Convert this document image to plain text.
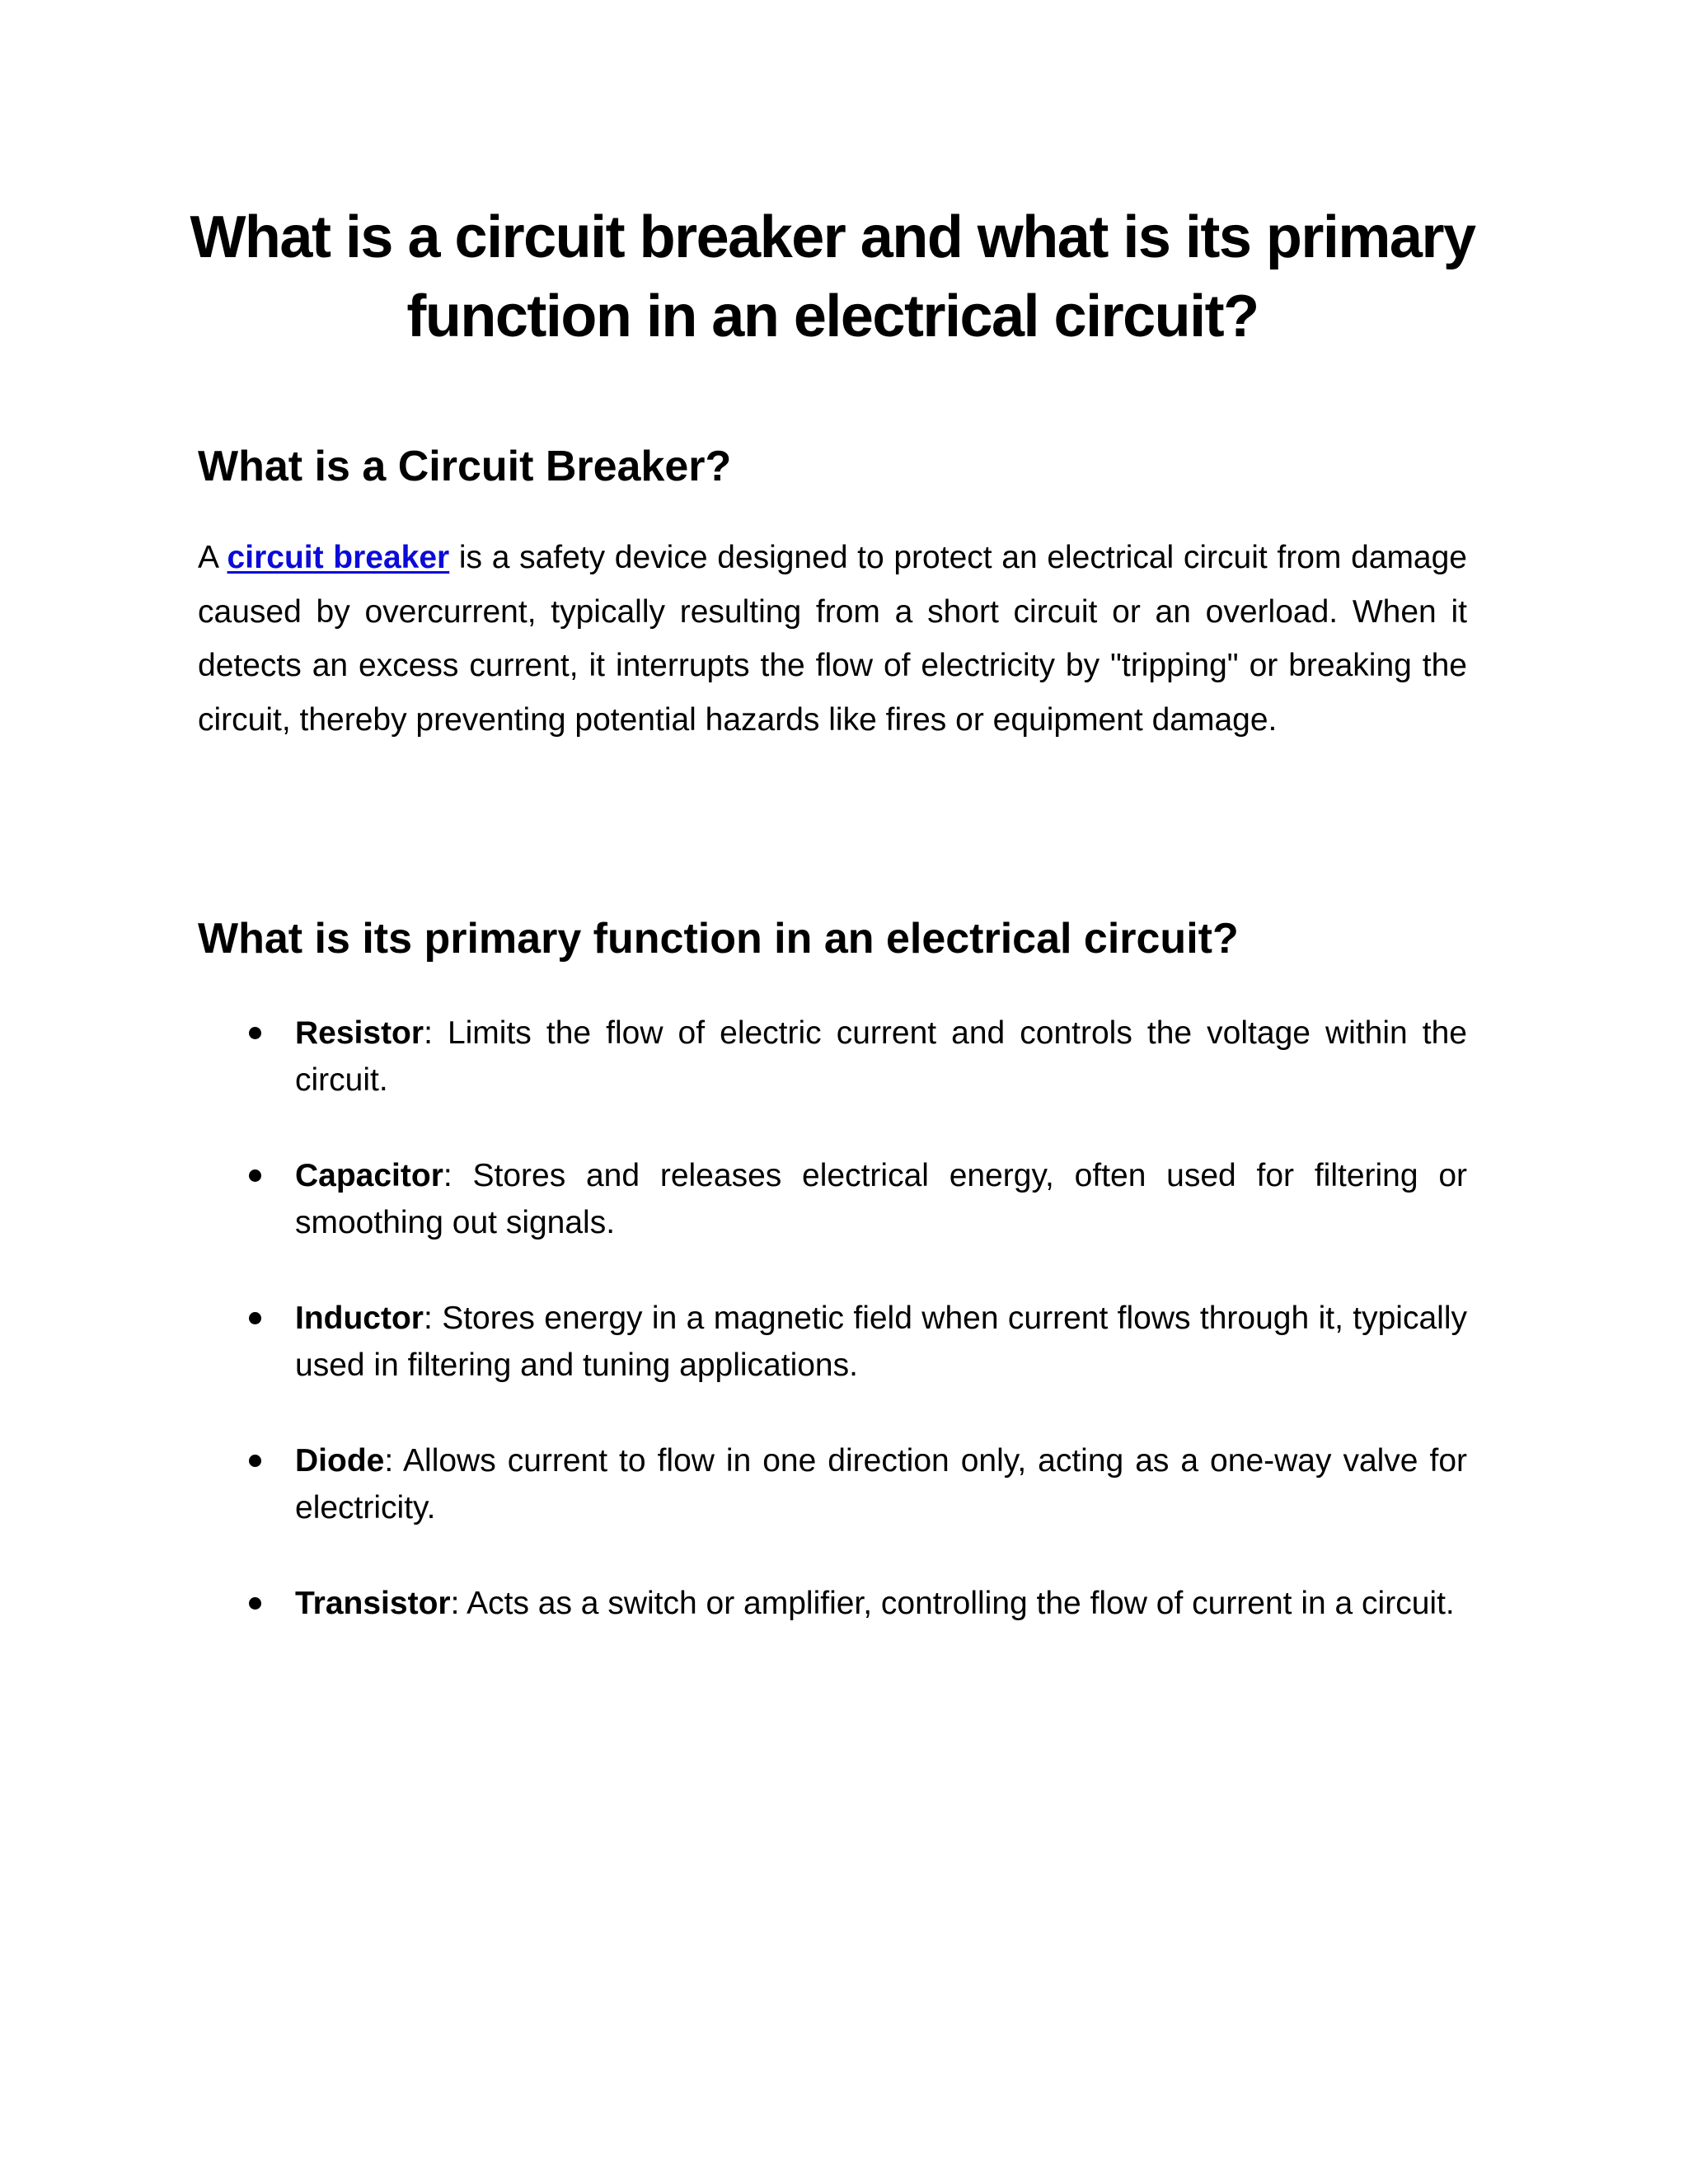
What is a circuit breaker and what is its primary function in an electrical circuit?
What is a Circuit Breaker?

A circuit breaker is a safety device designed to protect an electrical circuit from damage caused by overcurrent, typically resulting from a short circuit or an overload. When it detects an excess current, it interrupts the flow of electricity by "tripping" or breaking the circuit, thereby preventing potential hazards like fires or equipment damage.

What is its primary function in an electrical circuit?
Resistor: Limits the flow of electric current and controls the voltage within the circuit.
Capacitor: Stores and releases electrical energy, often used for filtering or smoothing out signals.
Inductor: Stores energy in a magnetic field when current flows through it, typically used in filtering and tuning applications.
Diode: Allows current to flow in one direction only, acting as a one-way valve for electricity.
Transistor: Acts as a switch or amplifier, controlling the flow of current in a circuit.
